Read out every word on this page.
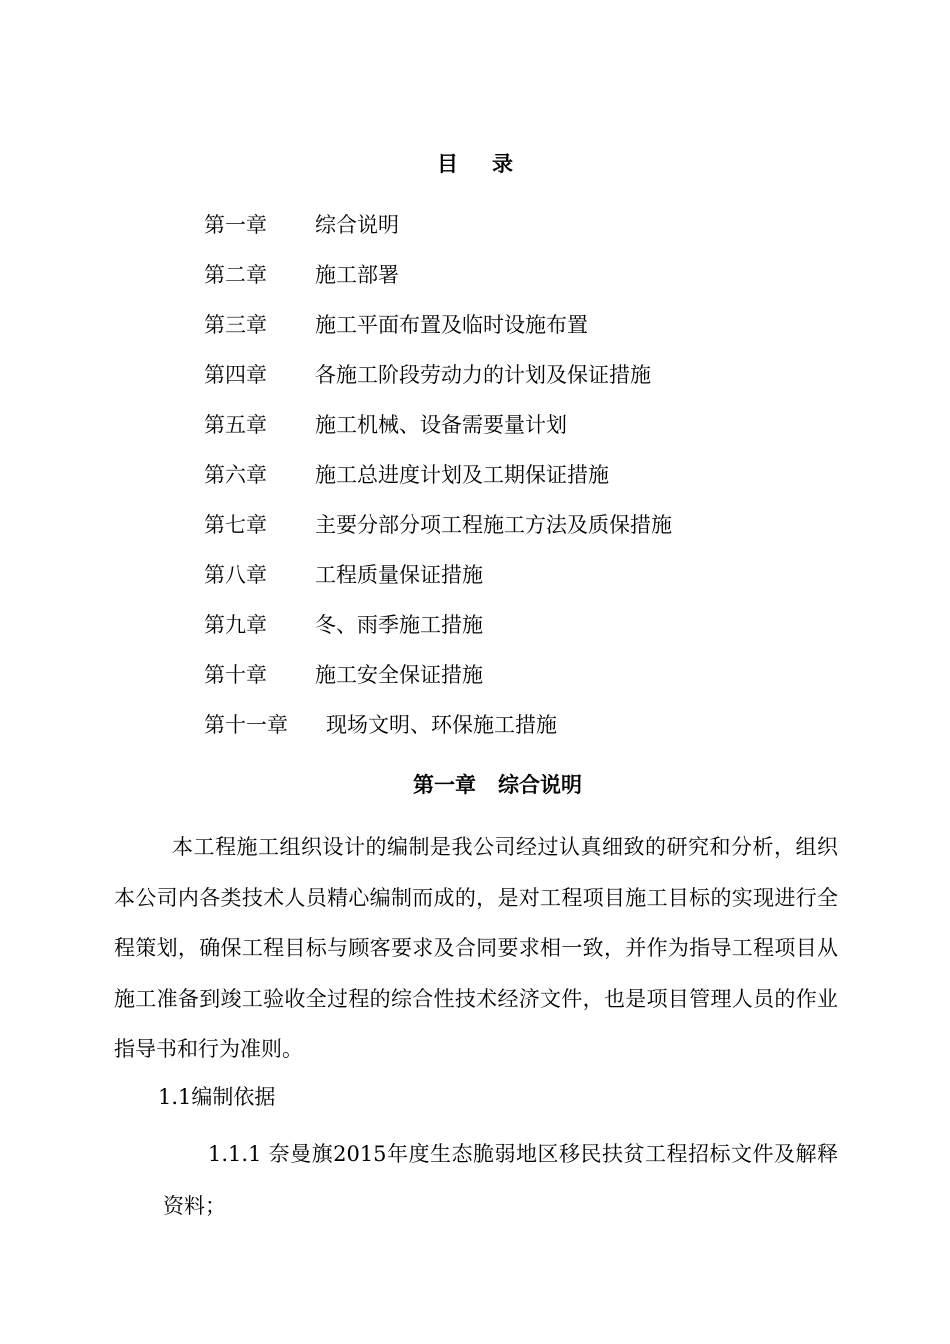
目 录
第一章 综合说明
第二章 施工部署
第三章 施工平面布置及临时设施布置
第四章 各施工阶段劳动力的计划及保证措施
第五章 施工机械、设备需要量计划
第六章 施工总进度计划及工期保证措施
第七章 主要分部分项工程施工方法及质保措施
第八章 工程质量保证措施
第九章 冬、雨季施工措施
第十章 施工安全保证措施
第十一章 现场文明、环保施工措施
第一章 综合说明

本工程施工组织设计的编制是我公司经过认真细致的研究和分析，组织本公司内各类技术人员精心编制而成的，是对工程项目施工目标的实现进行全程策划，确保工程目标与顾客要求及合同要求相一致，并作为指导工程项目从施工准备到竣工验收全过程的综合性技术经济文件，也是项目管理人员的作业指导书和行为准则。

1.1编制依据

1.1.1 奈曼旗2015年度生态脆弱地区移民扶贫工程招标文件及解释资料；
